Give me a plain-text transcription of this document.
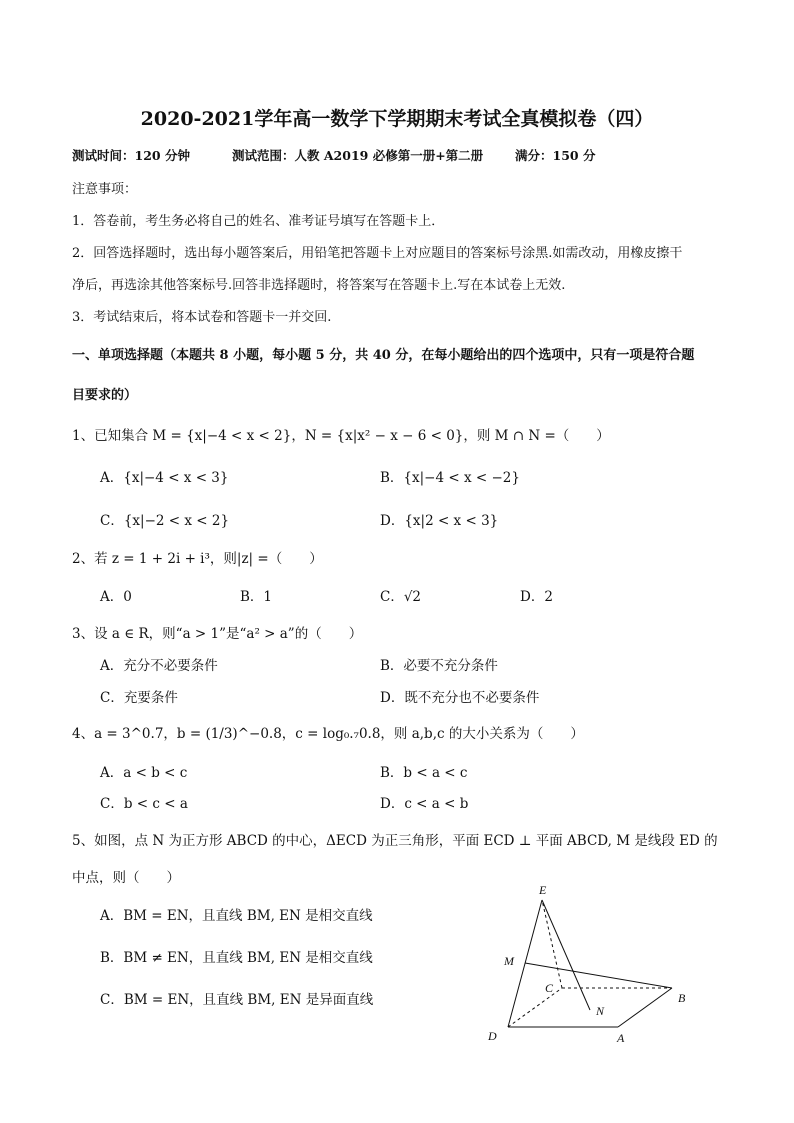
2020-2021学年高一数学下学期期末考试全真模拟卷（四）
测试时间：120 分钟	测试范围：人教 A2019 必修第一册+第二册	满分：150 分
注意事项：
1．答卷前，考生务必将自己的姓名、准考证号填写在答题卡上．
2．回答选择题时，选出每小题答案后，用铅笔把答题卡上对应题目的答案标号涂黑.如需改动，用橡皮擦干
净后，再选涂其他答案标号.回答非选择题时，将答案写在答题卡上.写在本试卷上无效.
3．考试结束后，将本试卷和答题卡一并交回.
一、单项选择题（本题共 8 小题，每小题 5 分，共 40 分，在每小题给出的四个选项中，只有一项是符合题
目要求的）
1、已知集合 M = {x|−4 < x < 2}，N = {x|x² − x − 6 < 0}，则 M ∩ N =（　　）
A．{x|−4 < x < 3}	B．{x|−4 < x < −2}
C．{x|−2 < x < 2}	D．{x|2 < x < 3}
2、若 z = 1 + 2i + i³，则|z| =（　　）
A．0	B．1	C．√2	D．2
3、设 a ∈ R，则“a > 1”是“a² > a”的（　　）
A．充分不必要条件	B．必要不充分条件
C．充要条件	D．既不充分也不必要条件
4、a = 3^0.7，b = (1/3)^−0.8，c = log₀.₇0.8，则 a,b,c 的大小关系为（　　）
A．a < b < c	B．b < a < c
C．b < c < a	D．c < a < b
5、如图，点 N 为正方形 ABCD 的中心，ΔECD 为正三角形，平面 ECD ⊥ 平面 ABCD, M 是线段 ED 的
中点，则（　　）
A．BM = EN，且直线 BM, EN 是相交直线
B．BM ≠ EN，且直线 BM, EN 是相交直线
C．BM = EN，且直线 BM, EN 是异面直线
E
M
C
N
B
D	A
